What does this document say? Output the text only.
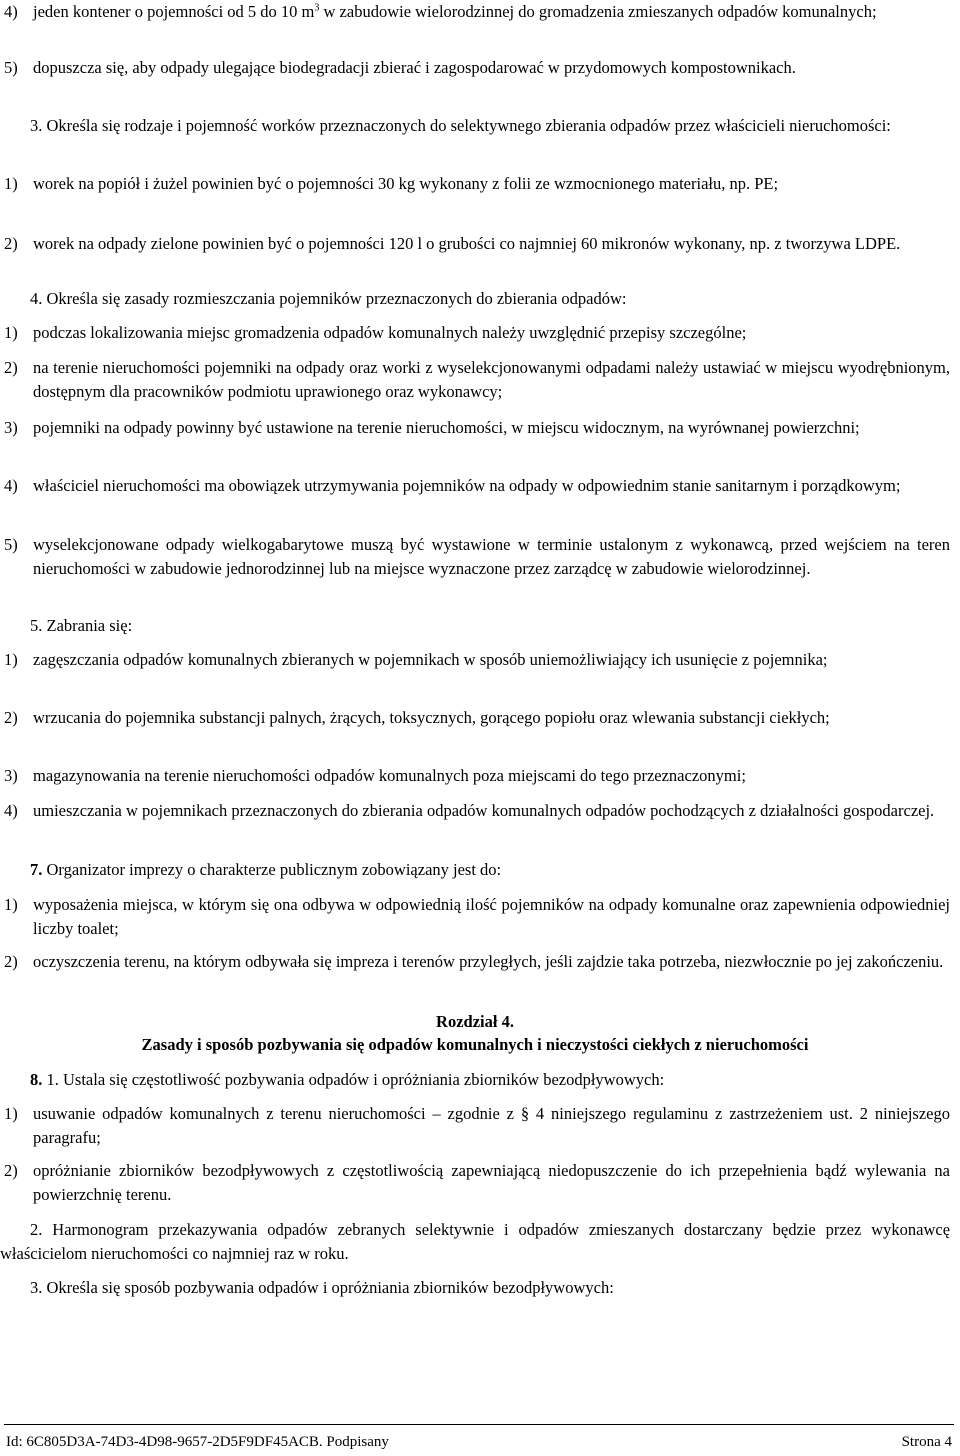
4) jeden kontener o pojemności od 5 do 10 $m^3$ w zabudowie wielorodzinnej do gromadzenia zmieszanych odpadów komunalnych;
5) dopuszcza się, aby odpady ulegające biodegradacji zbierać i zagospodarować w przydomowych kompostownikach.
3. Określa się rodzaje i pojemność worków przeznaczonych do selektywnego zbierania odpadów przez właścicieli nieruchomości:
1) worek na popiół i żużel powinien być o pojemności 30 kg wykonany z folii ze wzmocnionego materiału, np. PE;
2) worek na odpady zielone powinien być o pojemności 120 l o grubości co najmniej 60 mikronów wykonany, np. z tworzywa LDPE.
4. Określa się zasady rozmieszczania pojemników przeznaczonych do zbierania odpadów:
1) podczas lokalizowania miejsc gromadzenia odpadów komunalnych należy uwzględnić przepisy szczególne;
2) na terenie nieruchomości pojemniki na odpady oraz worki z wyselekcjonowanymi odpadami należy ustawiać w miejscu wyodrębnionym, dostępnym dla pracowników podmiotu uprawionego oraz wykonawcy;
3) pojemniki na odpady powinny być ustawione na terenie nieruchomości, w miejscu widocznym, na wyrównanej powierzchni;
4) właściciel nieruchomości ma obowiązek utrzymywania pojemników na odpady w odpowiednim stanie sanitarnym i porządkowym;
5) wyselekcjonowane odpady wielkogabarytowe muszą być wystawione w terminie ustalonym z wykonawcą, przed wejściem na teren nieruchomości w zabudowie jednorodzinnej lub na miejsce wyznaczone przez zarządcę w zabudowie wielorodzinnej.
5. Zabrania się:
1) zagęszczania odpadów komunalnych zbieranych w pojemnikach w sposób uniemożliwiający ich usunięcie z pojemnika;
2) wrzucania do pojemnika substancji palnych, żrących, toksycznych, gorącego popiołu oraz wlewania substancji ciekłych;
3) magazynowania na terenie nieruchomości odpadów komunalnych poza miejscami do tego przeznaczonymi;
4) umieszczania w pojemnikach przeznaczonych do zbierania odpadów komunalnych odpadów pochodzących z działalności gospodarczej.
7. Organizator imprezy o charakterze publicznym zobowiązany jest do:
1) wyposażenia miejsca, w którym się ona odbywa w odpowiednią ilość pojemników na odpady komunalne oraz zapewnienia odpowiedniej liczby toalet;
2) oczyszczenia terenu, na którym odbywała się impreza i terenów przyległych, jeśli zajdzie taka potrzeba, niezwłocznie po jej zakończeniu.
Rozdział 4.
Zasady i sposób pozbywania się odpadów komunalnych i nieczystości ciekłych z nieruchomości
8. 1. Ustala się częstotliwość pozbywania odpadów i opróżniania zbiorników bezodpływowych:
1) usuwanie odpadów komunalnych z terenu nieruchomości – zgodnie z § 4 niniejszego regulaminu z zastrzeżeniem ust. 2 niniejszego paragrafu;
2) opróżnianie zbiorników bezodpływowych z częstotliwością zapewniającą niedopuszczenie do ich przepełnienia bądź wylewania na powierzchnię terenu.
2. Harmonogram przekazywania odpadów zebranych selektywnie i odpadów zmieszanych dostarczany będzie przez wykonawcę właścicielom nieruchomości co najmniej raz w roku.
3. Określa się sposób pozbywania odpadów i opróżniania zbiorników bezodpływowych:
Id: 6C805D3A-74D3-4D98-9657-2D5F9DF45ACB. Podpisany	Strona 4
